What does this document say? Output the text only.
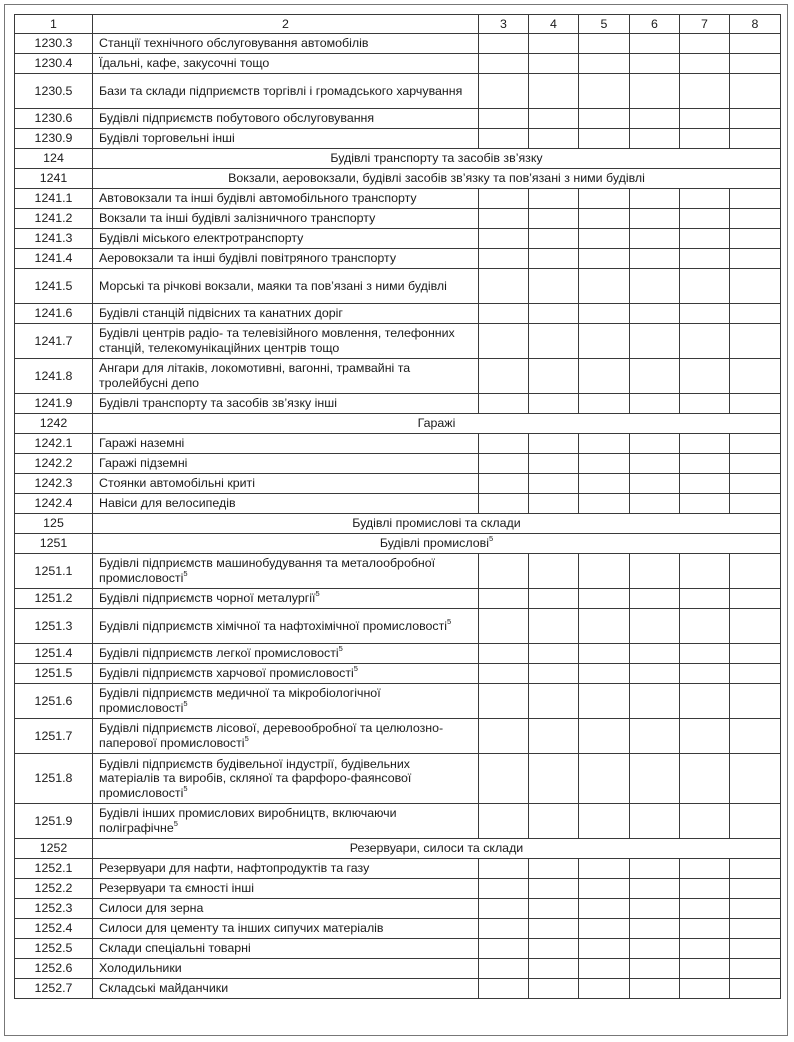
1	2	3	4	5	6	7	8
1230.3	Станції технічного обслуговування автомобілів						
1230.4	Їдальні, кафе, закусочні тощо						
1230.5	Бази та склади підприємств торгівлі і громадського харчування						
1230.6	Будівлі підприємств побутового обслуговування						
1230.9	Будівлі торговельні інші						
124	Будівлі транспорту та засобів зв’язку						
1241	Вокзали, аеровокзали, будівлі засобів зв’язку та пов’язані з ними будівлі						
1241.1	Автовокзали та інші будівлі автомобільного транспорту						
1241.2	Вокзали та інші будівлі залізничного транспорту						
1241.3	Будівлі міського електротранспорту						
1241.4	Аеровокзали та інші будівлі повітряного транспорту						
1241.5	Морські та річкові вокзали, маяки та пов’язані з ними будівлі						
1241.6	Будівлі станцій підвісних та канатних доріг						
1241.7	Будівлі центрів радіо- та телевізійного мовлення, телефонних станцій, телекомунікаційних центрів тощо						
1241.8	Ангари для літаків, локомотивні, вагонні, трамвайні та тролейбусні депо						
1241.9	Будівлі транспорту та засобів зв’язку інші						
1242	Гаражі						
1242.1	Гаражі наземні						
1242.2	Гаражі підземні						
1242.3	Стоянки автомобільні криті						
1242.4	Навіси для велосипедів						
125	Будівлі промислові та склади						
1251	Будівлі промислові$^5$
1251.1	Будівлі підприємств машинобудування та металообробної промисловості$^5$						
1251.2	Будівлі підприємств чорної металургії$^5$						
1251.3	Будівлі підприємств хімічної та нафтохімічної промисловості$^5$						
1251.4	Будівлі підприємств легкої промисловості$^5$						
1251.5	Будівлі підприємств харчової промисловості$^5$						
1251.6	Будівлі підприємств медичної та мікробіологічної промисловості$^5$						
1251.7	Будівлі підприємств лісової, деревообробної та целюлозно-паперової промисловості$^5$						
1251.8	Будівлі підприємств будівельної індустрії, будівельних матеріалів та виробів, скляної та фарфоро-фаянсової промисловості$^5$						
1251.9	Будівлі інших промислових виробництв, включаючи поліграфічне$^5$						
1252	Резервуари, силоси та склади						
1252.1	Резервуари для нафти, нафтопродуктів та газу						
1252.2	Резервуари та ємності інші						
1252.3	Силоси для зерна						
1252.4	Силоси для цементу та інших сипучих матеріалів						
1252.5	Склади спеціальні товарні						
1252.6	Холодильники						
1252.7	Складські майданчики						
